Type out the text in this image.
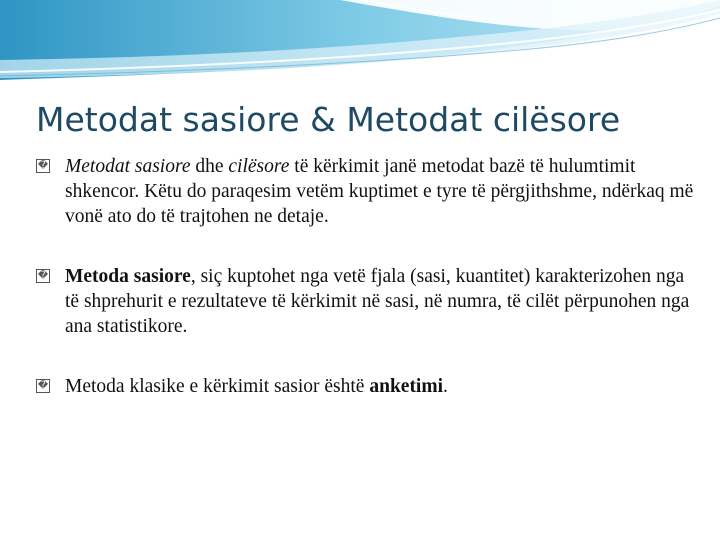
Metodat sasiore & Metodat cilësore
� Metodat sasiore dhe cilësore të kërkimit janë metodat bazë të hulumtimit shkencor. Këtu do paraqesim vetëm kuptimet e tyre të përgjithshme, ndërkaq më vonë ato do të trajtohen ne detaje.
� Metoda sasiore, siç kuptohet nga vetë fjala (sasi, kuantitet) karakterizohen nga të shprehurit e rezultateve të kërkimit në sasi, në numra, të cilët përpunohen nga ana statistikore.
� Metoda klasike e kërkimit sasior është anketimi.
